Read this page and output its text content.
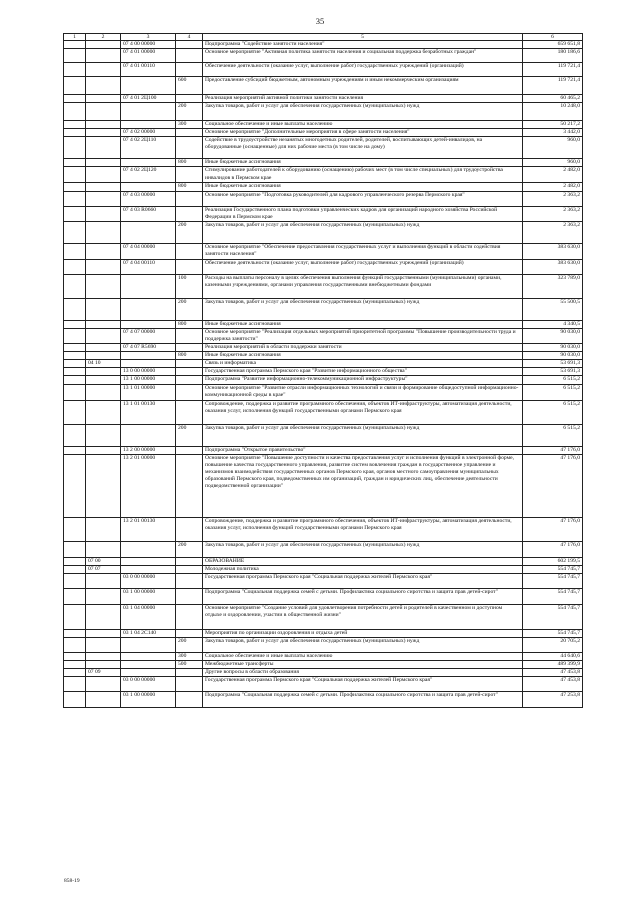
35
1	2	3	4	5	6
		07 4 00 00000		Подпрограмма "Содействие занятости населения"	659 651,8
		07 4 01 00000		Основное мероприятие "Активная политика занятости населения и социальная поддержка безработных граждан"	180 186,6
		07 4 01 00110		Обеспечение деятельности (оказание услуг, выполнение работ) государственных учреждений (организаций)	119 721,4
			600	Предоставление субсидий бюджетным, автономным учреждениям и иным некоммерческим организациям	119 721,4
		07 4 01 2Ц100		Реализация мероприятий активной политики занятости населения	60 465,2
			200	Закупка товаров, работ и услуг для обеспечения государственных (муниципальных) нужд	10 248,0
			300	Социальное обеспечение и иные выплаты населению	50 217,2
		07 4 02 00000		Основное мероприятие "Дополнительные мероприятия в сфере занятости населения"	3 442,0
		07 4 02 2Ц110		Содействие в трудоустройстве незанятых многодетных родителей, родителей, воспитывающих детей-инвалидов, на оборудованные (оснащенные) для них рабочие места (в том числе на дому)	960,0
			800	Иные бюджетные ассигнования	960,0
		07 4 02 2Ц120		Стимулирование работодателей к оборудованию (оснащению) рабочих мест (в том числе специальных) для трудоустройства инвалидов в Пермском крае	2 482,0
			800	Иные бюджетные ассигнования	2 482,0
		07 4 03 00000		Основное мероприятие "Подготовка руководителей для кадрового управленческого резерва Пермского края"	2 363,2
		07 4 03 R0660		Реализация Государственного плана подготовки управленческих кадров для организаций народного хозяйства Российской Федерации в Пермском крае	2 363,2
			200	Закупка товаров, работ и услуг для обеспечения государственных (муниципальных) нужд	2 363,2
		07 4 04 00000		Основное мероприятие "Обеспечение предоставления государственных услуг и выполнения функций в области содействия занятости населения"	383 630,0
		07 4 04 00110		Обеспечение деятельности (оказание услуг, выполнение работ) государственных учреждений (организаций)	383 630,0
			100	Расходы на выплаты персоналу в целях обеспечения выполнения функций государственными (муниципальными) органами, казенными учреждениями, органами управления государственными внебюджетными фондами	323 789,0
			200	Закупка товаров, работ и услуг для обеспечения государственных (муниципальных) нужд	55 500,5
			800	Иные бюджетные ассигнования	4 340,5
		07 4 07 00000		Основное мероприятие "Реализация отдельных мероприятий приоритетной программы "Повышение производительности труда и поддержка занятости"	90 030,0
		07 4 07 R5690		Реализация мероприятий в области поддержки занятости	90 030,0
			800	Иные бюджетные ассигнования	90 030,0
	04 10			Связь и информатика	53 691,3
		13 0 00 00000		Государственная программа Пермского края "Развитие информационного общества"	53 691,3
		13 1 00 00000		Подпрограмма "Развитие информационно-телекоммуникационной инфраструктуры"	6 515,2
		13 1 01 00000		Основное мероприятие "Развитие отрасли информационных технологий и связи и формирование общедоступной информационно-коммуникационной среды в крае"	6 515,2
		13 1 01 00130		Сопровождение, поддержка и развитие программного обеспечения, объектов ИТ-инфраструктуры, автоматизация деятельности, оказания услуг, исполнения функций государственными органами Пермского края	6 515,2
			200	Закупка товаров, работ и услуг для обеспечения государственных (муниципальных) нужд	6 515,2
		13 2 00 00000		Подпрограмма "Открытое правительство"	47 176,0
		13 2 01 00000		Основное мероприятие "Повышение доступности и качества предоставления услуг и исполнения функций в электронной форме, повышение качества государственного управления, развитие систем вовлечения граждан в государственное управление и механизмов взаимодействия государственных органов Пермского края, органов местного самоуправления муниципальных образований Пермского края, подведомственных им организаций, граждан и юридических лиц, обеспечение деятельности подведомственной организации"	47 176,0
		13 2 01 00130		Сопровождение, поддержка и развитие программного обеспечения, объектов ИТ-инфраструктуры, автоматизация деятельности, оказания услуг, исполнения функций государственными органами Пермского края	47 176,0
			200	Закупка товаров, работ и услуг для обеспечения государственных (муниципальных) нужд	47 176,0
	07 00			ОБРАЗОВАНИЕ	602 199,5
	07 07			Молодежная политика	554 745,7
		03 0 00 00000		Государственная программа Пермского края "Социальная поддержка жителей Пермского края"	554 745,7
		03 1 00 00000		Подпрограмма "Социальная поддержка семей с детьми. Профилактика социального сиротства и защита прав детей-сирот"	554 745,7
		03 1 04 00000		Основное мероприятие "Создание условий для удовлетворения потребности детей и родителей в качественном и доступном отдыхе и оздоровлении, участии в общественной жизни"	554 745,7
		03 1 04 2С140		Мероприятия по организации оздоровления и отдыха детей	554 745,7
			200	Закупка товаров, работ и услуг для обеспечения государственных (муниципальных) нужд	20 705,2
			300	Социальное обеспечение и иные выплаты населению	44 640,6
			500	Межбюджетные трансферты	489 399,9
	07 09			Другие вопросы в области образования	47 453,8
		03 0 00 00000		Государственная программа Пермского края "Социальная поддержка жителей Пермского края"	47 453,8
		03 1 00 00000		Подпрограмма "Социальная поддержка семей с детьми. Профилактика социального сиротства и защита прав детей-сирот"	47 253,8
858-19
